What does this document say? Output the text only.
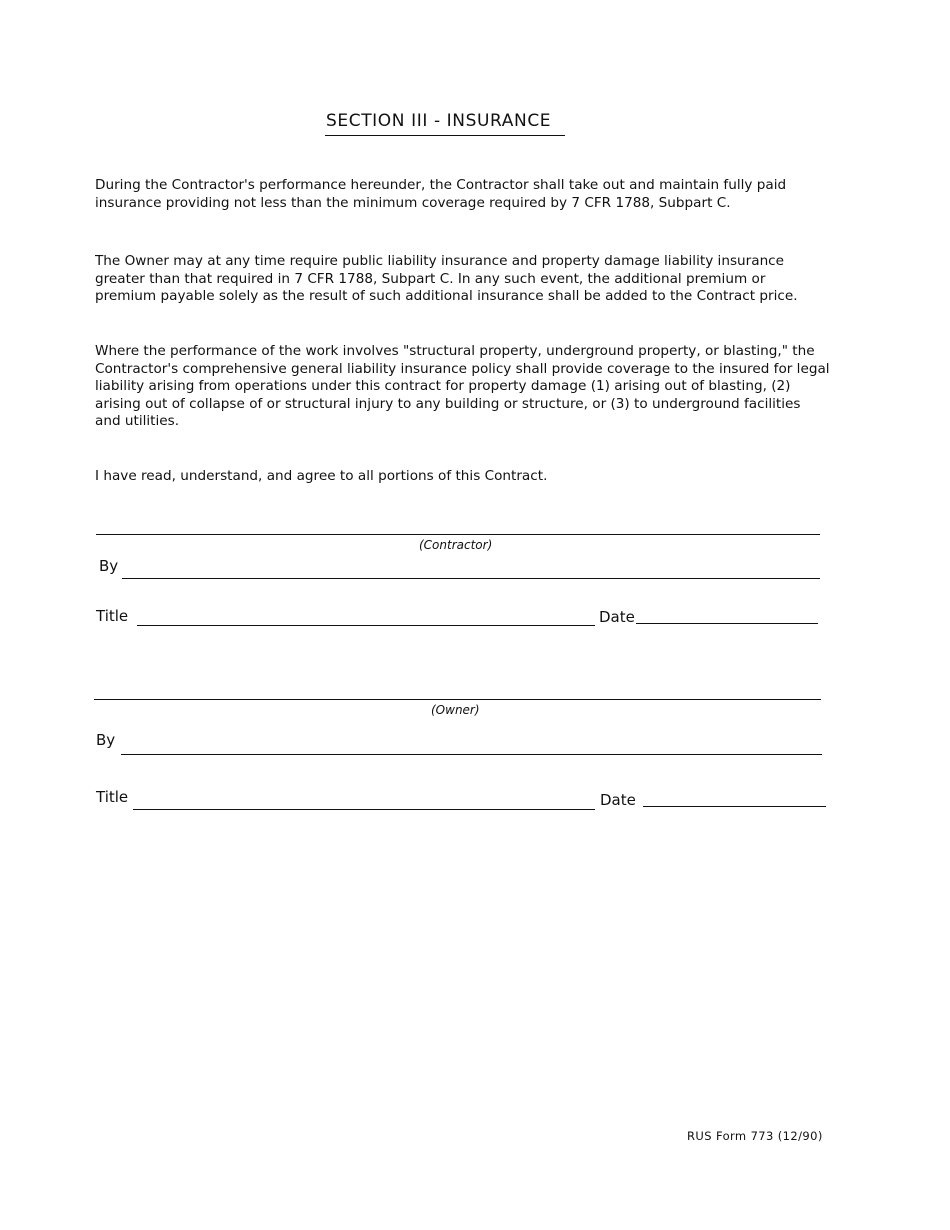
SECTION III - INSURANCE

During the Contractor's performance hereunder, the Contractor shall take out and maintain fully paid insurance providing not less than the minimum coverage required by 7 CFR 1788, Subpart C.

The Owner may at any time require public liability insurance and property damage liability insurance greater than that required in 7 CFR 1788, Subpart C. In any such event, the additional premium or premium payable solely as the result of such additional insurance shall be added to the Contract price.

Where the performance of the work involves "structural property, underground property, or blasting," the Contractor's comprehensive general liability insurance policy shall provide coverage to the insured for legal liability arising from operations under this contract for property damage (1) arising out of blasting, (2) arising out of collapse of or structural injury to any building or structure, or (3) to underground facilities and utilities.

I have read, understand, and agree to all portions of this Contract.

(Contractor)
By
Title	Date
(Owner)
By
Title	Date
RUS Form 773 (12/90)
